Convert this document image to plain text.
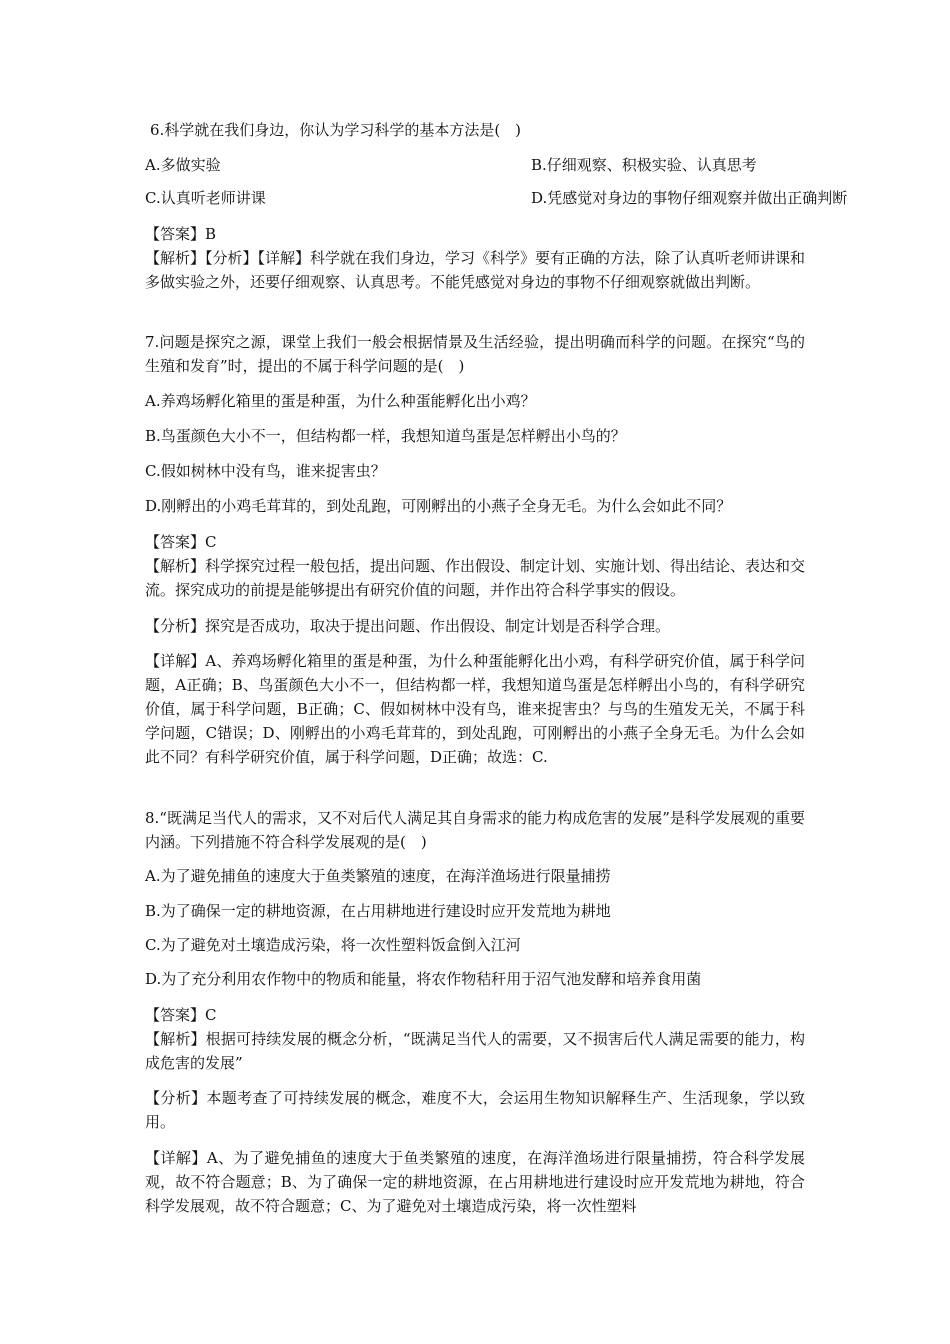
6.科学就在我们身边，你认为学习科学的基本方法是(　)

A.多做实验	B.仔细观察、积极实验、认真思考

C.认真听老师讲课	D.凭感觉对身边的事物仔细观察并做出正确判断

【答案】B

【解析】【分析】【详解】科学就在我们身边，学习《科学》要有正确的方法，除了认真听老师讲课和多做实验之外，还要仔细观察、认真思考。不能凭感觉对身边的事物不仔细观察就做出判断。

7.问题是探究之源，课堂上我们一般会根据情景及生活经验，提出明确而科学的问题。在探究“鸟的生殖和发育”时，提出的不属于科学问题的是(　)

A.养鸡场孵化箱里的蛋是种蛋，为什么种蛋能孵化出小鸡？

B.鸟蛋颜色大小不一，但结构都一样，我想知道鸟蛋是怎样孵出小鸟的？

C.假如树林中没有鸟，谁来捉害虫？

D.刚孵出的小鸡毛茸茸的，到处乱跑，可刚孵出的小燕子全身无毛。为什么会如此不同？

【答案】C

【解析】科学探究过程一般包括，提出问题、作出假设、制定计划、实施计划、得出结论、表达和交流。探究成功的前提是能够提出有研究价值的问题，并作出符合科学事实的假设。

【分析】探究是否成功，取决于提出问题、作出假设、制定计划是否科学合理。

【详解】A、养鸡场孵化箱里的蛋是种蛋，为什么种蛋能孵化出小鸡，有科学研究价值，属于科学问题，A正确；B、鸟蛋颜色大小不一，但结构都一样，我想知道鸟蛋是怎样孵出小鸟的，有科学研究价值，属于科学问题，B正确；C、假如树林中没有鸟，谁来捉害虫？与鸟的生殖发无关，不属于科学问题，C错误；D、刚孵出的小鸡毛茸茸的，到处乱跑，可刚孵出的小燕子全身无毛。为什么会如此不同？有科学研究价值，属于科学问题，D正确；故选：C.

8.“既满足当代人的需求，又不对后代人满足其自身需求的能力构成危害的发展”是科学发展观的重要内涵。下列措施不符合科学发展观的是(　)

A.为了避免捕鱼的速度大于鱼类繁殖的速度，在海洋渔场进行限量捕捞

B.为了确保一定的耕地资源，在占用耕地进行建设时应开发荒地为耕地

C.为了避免对土壤造成污染，将一次性塑料饭盒倒入江河

D.为了充分利用农作物中的物质和能量，将农作物秸秆用于沼气池发酵和培养食用菌

【答案】C

【解析】根据可持续发展的概念分析，“既满足当代人的需要，又不损害后代人满足需要的能力，构成危害的发展”

【分析】本题考查了可持续发展的概念，难度不大，会运用生物知识解释生产、生活现象，学以致用。

【详解】A、为了避免捕鱼的速度大于鱼类繁殖的速度，在海洋渔场进行限量捕捞，符合科学发展观，故不符合题意；B、为了确保一定的耕地资源，在占用耕地进行建设时应开发荒地为耕地，符合科学发展观，故不符合题意；C、为了避免对土壤造成污染，将一次性塑料
